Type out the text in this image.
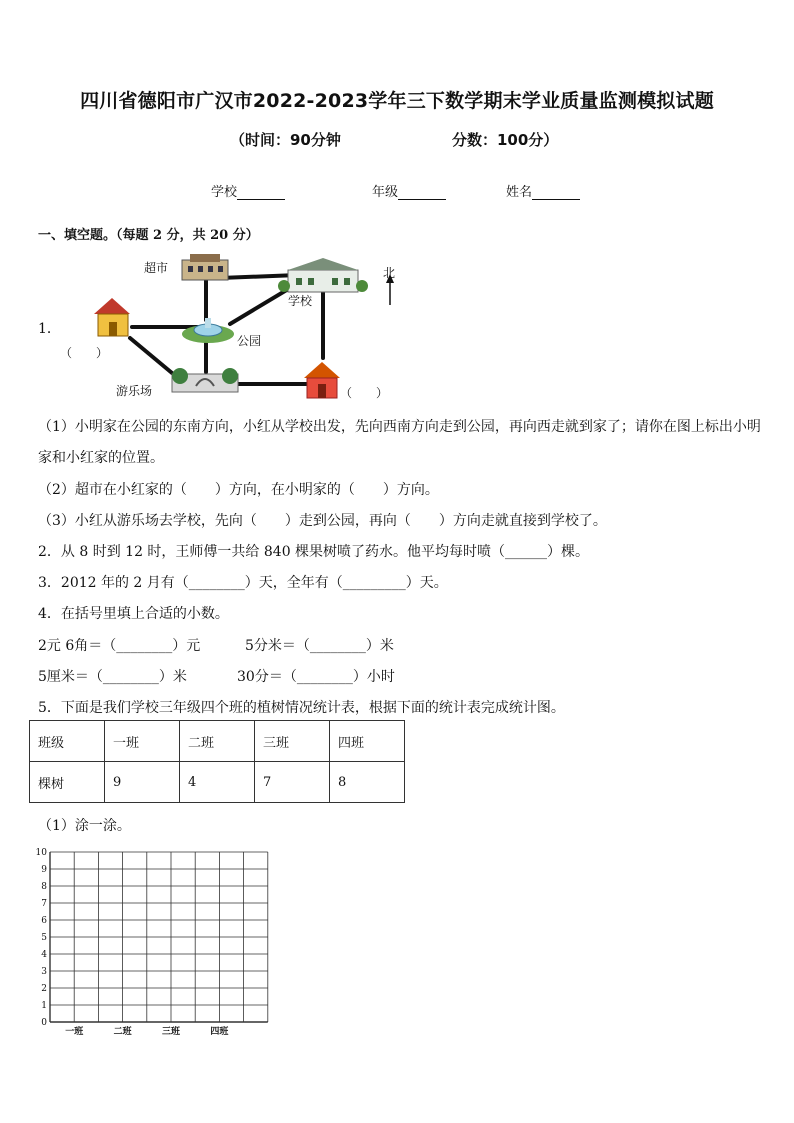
四川省德阳市广汉市2022-2023学年三下数学期末学业质量监测模拟试题
（时间：90分钟	分数：100分）
学校	年级	姓名
一、填空题。（每题 2 分，共 20 分）
1．
超市
学校
公园
游乐场
北
（　　）
（　　）
（1）小明家在公园的东南方向，小红从学校出发，先向西南方向走到公园，再向西走就到家了；请你在图上标出小明
家和小红家的位置。
（2）超市在小红家的（　　）方向，在小明家的（　　）方向。
（3）小红从游乐场去学校，先向（　　）走到公园，再向（　　）方向走就直接到学校了。
2．从 8 时到 12 时，王师傅一共给 840 棵果树喷了药水。他平均每时喷（______）棵。
3．2012 年的 2 月有（________）天，全年有（_________）天。
4．在括号里填上合适的小数。
2元 6角＝（________）元	5分米＝（________）米
5厘米＝（________）米	30分＝（________）小时
5．下面是我们学校三年级四个班的植树情况统计表，根据下面的统计表完成统计图。
班级	一班	二班	三班	四班
棵树	9	4	7	8
（1）涂一涂。
0
1
2
3
4
5
6
7
8
9
10
一班	二班	三班	四班
